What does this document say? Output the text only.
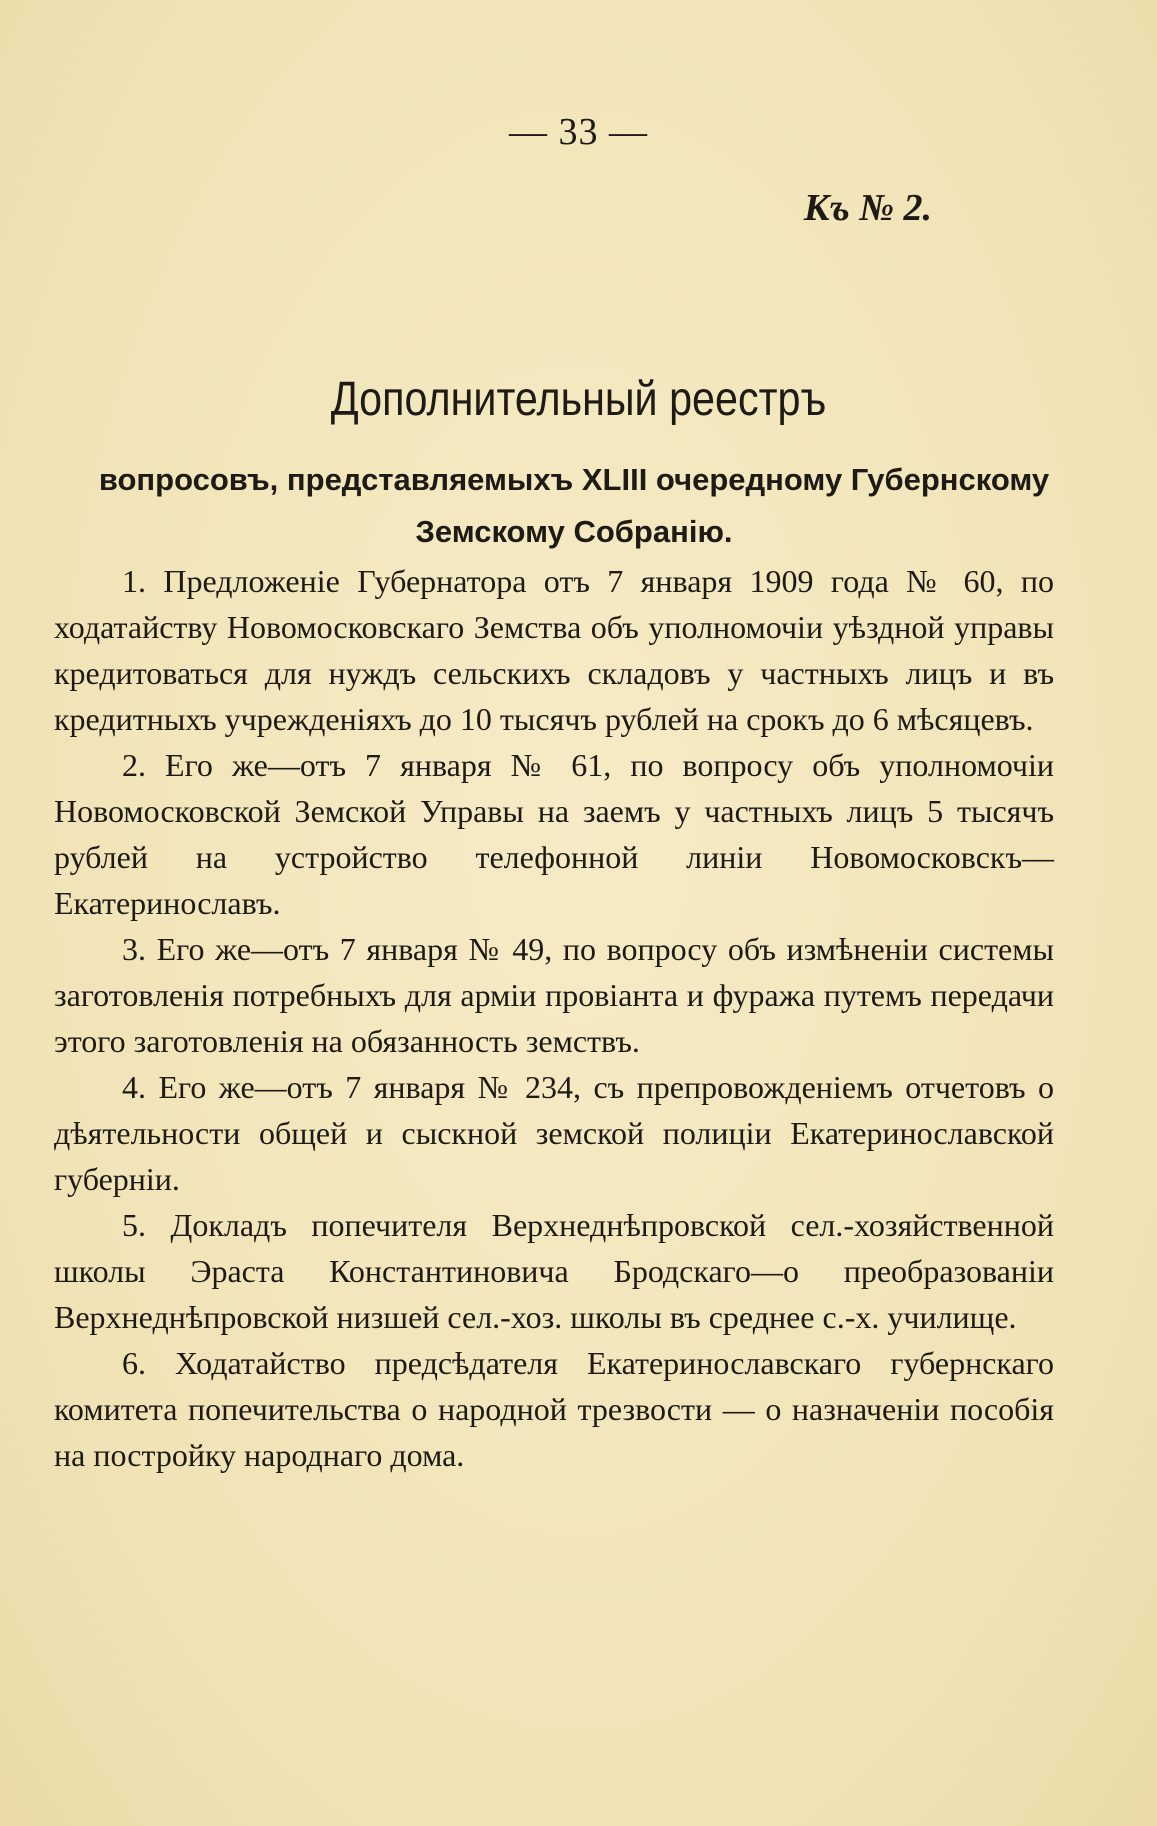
— 33 —
Къ № 2.
Дополнительный реестръ
вопросовъ, представляемыхъ XLIII очередному Губернскому
Земскому Собранію.

1. Предложеніе Губернатора отъ 7 января 1909 года № 60, по ходатайству Новомосковскаго Земства объ уполномочіи уѣздной управы кредитоваться для нуждъ сельскихъ складовъ у частныхъ лицъ и въ кредитныхъ учрежденіяхъ до 10 тысячъ рублей на срокъ до 6 мѣсяцевъ.

2. Его же—отъ 7 января № 61, по вопросу объ уполномочіи Новомосковской Земской Управы на заемъ у частныхъ лицъ 5 тысячъ рублей на устройство телефонной линіи Новомосковскъ—Екатеринославъ.

3. Его же—отъ 7 января № 49, по вопросу объ измѣненіи системы заготовленія потребныхъ для арміи провіанта и фуража путемъ передачи этого заготовленія на обязанность земствъ.

4. Его же—отъ 7 января № 234, съ препровожденіемъ отчетовъ о дѣятельности общей и сыскной земской полиціи Екатеринославской губерніи.

5. Докладъ попечителя Верхнеднѣпровской сел.-хозяйственной школы Эраста Константиновича Бродскаго—о преобразованіи Верхнеднѣпровской низшей сел.-хоз. школы въ среднее с.-х. училище.

6. Ходатайство предсѣдателя Екатеринославскаго губернскаго комитета попечительства о народной трезвости — о назначеніи пособія на постройку народнаго дома.
